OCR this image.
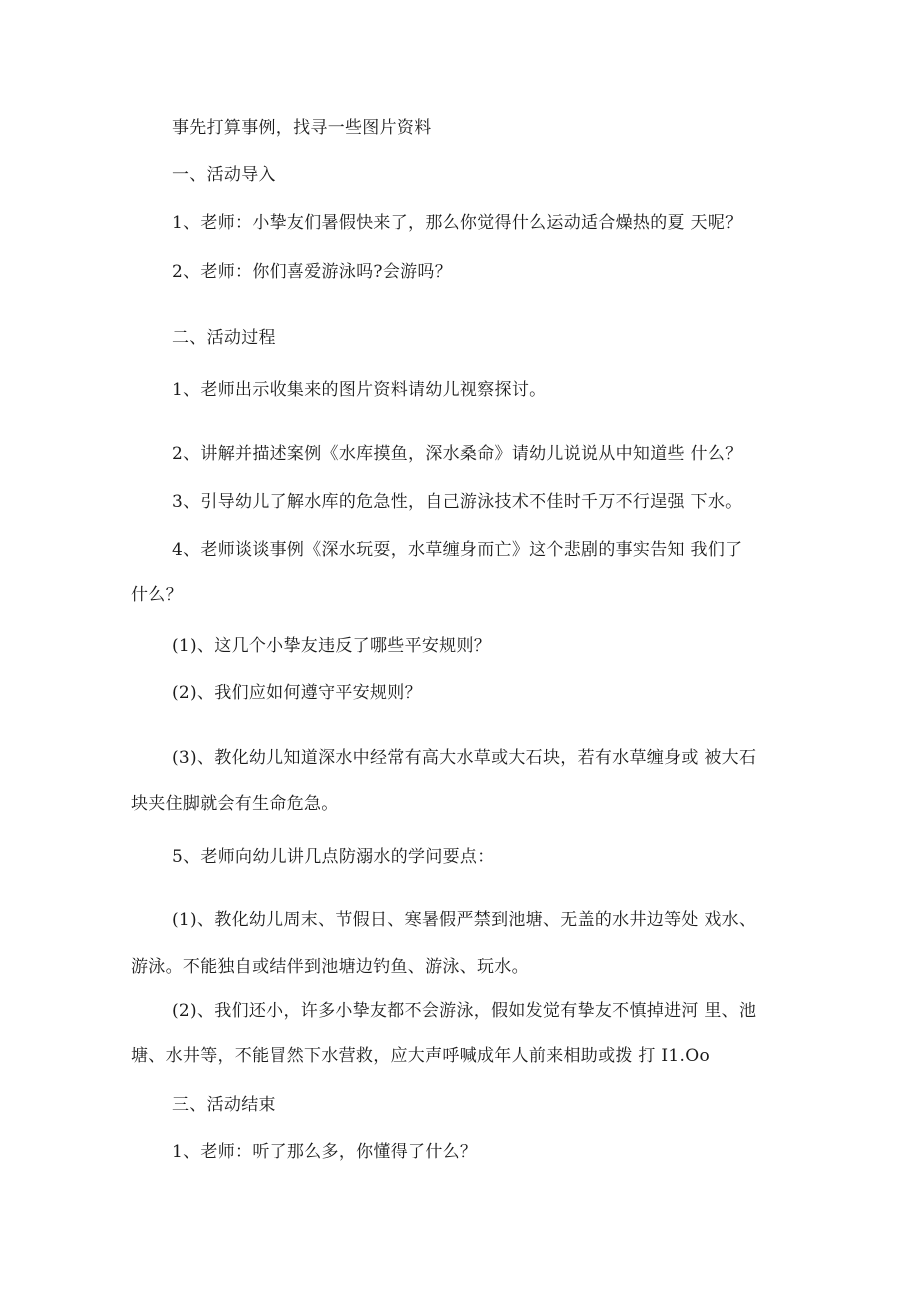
事先打算事例，找寻一些图片资料
一、活动导入
1、老师：小挚友们暑假快来了，那么你觉得什么运动适合燥热的夏 天呢？
2、老师：你们喜爱游泳吗?会游吗？
二、活动过程
1、老师出示收集来的图片资料请幼儿视察探讨。
2、讲解并描述案例《水库摸鱼，深水桑命》请幼儿说说从中知道些 什么？
3、引导幼儿了解水库的危急性，自己游泳技术不佳时千万不行逞强 下水。
4、老师谈谈事例《深水玩耍，水草缠身而亡》这个悲剧的事实告知 我们了
什么？
(1)、这几个小挚友违反了哪些平安规则？
(2)、我们应如何遵守平安规则？
(3)、教化幼儿知道深水中经常有高大水草或大石块，若有水草缠身或 被大石
块夹住脚就会有生命危急。
5、老师向幼儿讲几点防溺水的学问要点：
(1)、教化幼儿周末、节假日、寒暑假严禁到池塘、无盖的水井边等处 戏水、
游泳。不能独自或结伴到池塘边钓鱼、游泳、玩水。
(2)、我们还小，许多小挚友都不会游泳，假如发觉有挚友不慎掉进河 里、池
塘、水井等，不能冒然下水营救，应大声呼喊成年人前来相助或拨 打 I1.Oo
三、活动结束
1、老师：听了那么多，你懂得了什么？
